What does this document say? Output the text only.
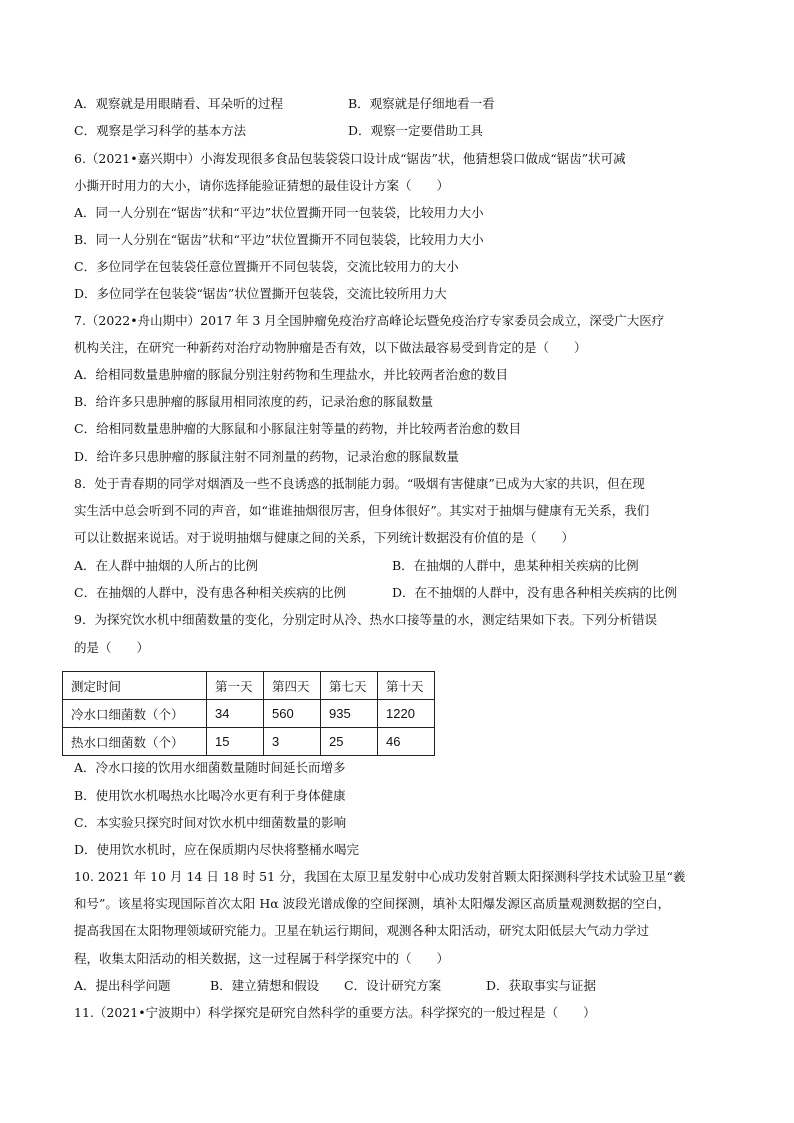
A．观察就是用眼睛看、耳朵听的过程	B．观察就是仔细地看一看
C．观察是学习科学的基本方法	D．观察一定要借助工具
6.（2021•嘉兴期中）小海发现很多食品包装袋袋口设计成“锯齿”状，他猜想袋口做成“锯齿”状可减
小撕开时用力的大小，请你选择能验证猜想的最佳设计方案（　　）
A．同一人分别在“锯齿”状和“平边”状位置撕开同一包装袋，比较用力大小
B．同一人分别在“锯齿”状和“平边”状位置撕开不同包装袋，比较用力大小
C．多位同学在包装袋任意位置撕开不同包装袋，交流比较用力的大小
D．多位同学在包装袋“锯齿”状位置撕开包装袋，交流比较所用力大
7.（2022•舟山期中）2017 年 3 月全国肿瘤免疫治疗高峰论坛暨免疫治疗专家委员会成立，深受广大医疗
机构关注，在研究一种新药对治疗动物肿瘤是否有效，以下做法最容易受到肯定的是（　　）
A．给相同数量患肿瘤的豚鼠分别注射药物和生理盐水，并比较两者治愈的数目
B．给许多只患肿瘤的豚鼠用相同浓度的药，记录治愈的豚鼠数量
C．给相同数量患肿瘤的大豚鼠和小豚鼠注射等量的药物，并比较两者治愈的数目
D．给许多只患肿瘤的豚鼠注射不同剂量的药物，记录治愈的豚鼠数量
8．处于青春期的同学对烟酒及一些不良诱惑的抵制能力弱。“吸烟有害健康”已成为大家的共识，但在现
实生活中总会听到不同的声音，如“谁谁抽烟很厉害，但身体很好”。其实对于抽烟与健康有无关系，我们
可以让数据来说话。对于说明抽烟与健康之间的关系，下列统计数据没有价值的是（　　）
A．在人群中抽烟的人所占的比例	B．在抽烟的人群中，患某种相关疾病的比例
C．在抽烟的人群中，没有患各种相关疾病的比例	D．在不抽烟的人群中，没有患各种相关疾病的比例
9．为探究饮水机中细菌数量的变化，分别定时从冷、热水口接等量的水，测定结果如下表。下列分析错误
的是（　　）
测定时间	第一天	第四天	第七天	第十天
冷水口细菌数（个）	34	560	935	1220
热水口细菌数（个）	15	3	25	46
A．冷水口接的饮用水细菌数量随时间延长而增多
B．使用饮水机喝热水比喝冷水更有利于身体健康
C．本实验只探究时间对饮水机中细菌数量的影响
D．使用饮水机时，应在保质期内尽快将整桶水喝完
10. 2021 年 10 月 14 日 18 时 51 分，我国在太原卫星发射中心成功发射首颗太阳探测科学技术试验卫星“羲
和号”。该星将实现国际首次太阳 Hα 波段光谱成像的空间探测，填补太阳爆发源区高质量观测数据的空白，
提高我国在太阳物理领域研究能力。卫星在轨运行期间，观测各种太阳活动，研究太阳低层大气动力学过
程，收集太阳活动的相关数据，这一过程属于科学探究中的（　　）
A．提出科学问题	B．建立猜想和假设 C．设计研究方案	D．获取事实与证据
11.（2021•宁波期中）科学探究是研究自然科学的重要方法。科学探究的一般过程是（　　）
